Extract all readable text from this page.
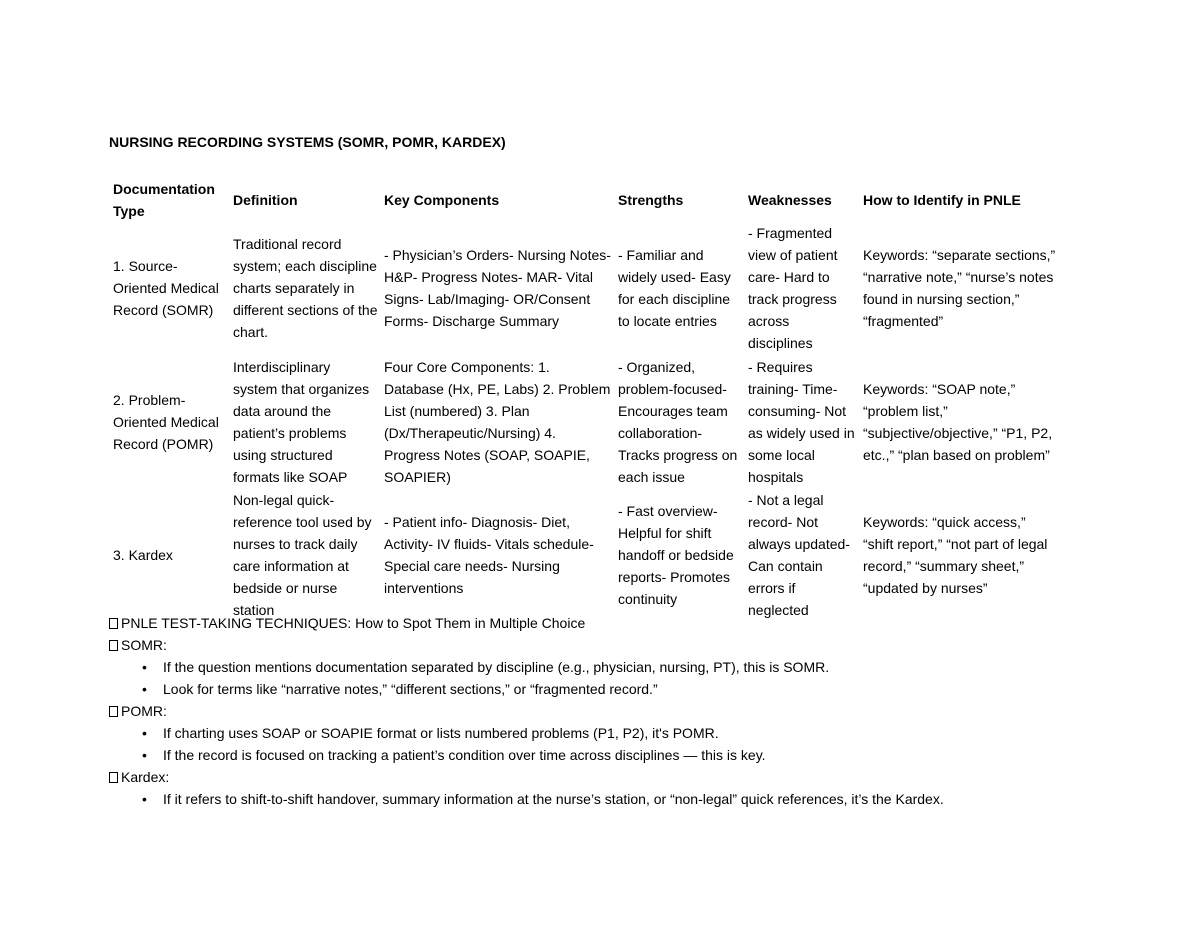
NURSING RECORDING SYSTEMS (SOMR, POMR, KARDEX)
Documentation Type	Definition	Key Components	Strengths	Weaknesses	How to Identify in PNLE
1. Source-Oriented Medical Record (SOMR)	Traditional record system; each discipline charts separately in different sections of the chart.	- Physician’s Orders- Nursing Notes- H&P- Progress Notes- MAR- Vital Signs- Lab/Imaging- OR/Consent Forms- Discharge Summary	- Familiar and widely used- Easy for each discipline to locate entries	- Fragmented view of patient care- Hard to track progress across disciplines	Keywords: “separate sections,” “narrative note,” “nurse’s notes found in nursing section,” “fragmented”
2. Problem-Oriented Medical Record (POMR)	Interdisciplinary system that organizes data around the patient’s problems using structured formats like SOAP	Four Core Components: 1. Database (Hx, PE, Labs) 2. Problem List (numbered) 3. Plan (Dx/Therapeutic/Nursing) 4. Progress Notes (SOAP, SOAPIE, SOAPIER)	- Organized, problem-focused- Encourages team collaboration- Tracks progress on each issue	- Requires training- Time-consuming- Not as widely used in some local hospitals	Keywords: “SOAP note,” “problem list,” “subjective/objective,” “P1, P2, etc.,” “plan based on problem”
3. Kardex	Non-legal quick-reference tool used by nurses to track daily care information at bedside or nurse station	- Patient info- Diagnosis- Diet, Activity- IV fluids- Vitals schedule- Special care needs- Nursing interventions	- Fast overview- Helpful for shift handoff or bedside reports- Promotes continuity	- Not a legal record- Not always updated- Can contain errors if neglected	Keywords: “quick access,” “shift report,” “not part of legal record,” “summary sheet,” “updated by nurses”
PNLE TEST-TAKING TECHNIQUES: How to Spot Them in Multiple Choice
SOMR:
• If the question mentions documentation separated by discipline (e.g., physician, nursing, PT), this is SOMR.
• Look for terms like “narrative notes,” “different sections,” or “fragmented record.”
POMR:
• If charting uses SOAP or SOAPIE format or lists numbered problems (P1, P2), it's POMR.
• If the record is focused on tracking a patient’s condition over time across disciplines — this is key.
Kardex:
• If it refers to shift-to-shift handover, summary information at the nurse’s station, or “non-legal” quick references, it’s the Kardex.
